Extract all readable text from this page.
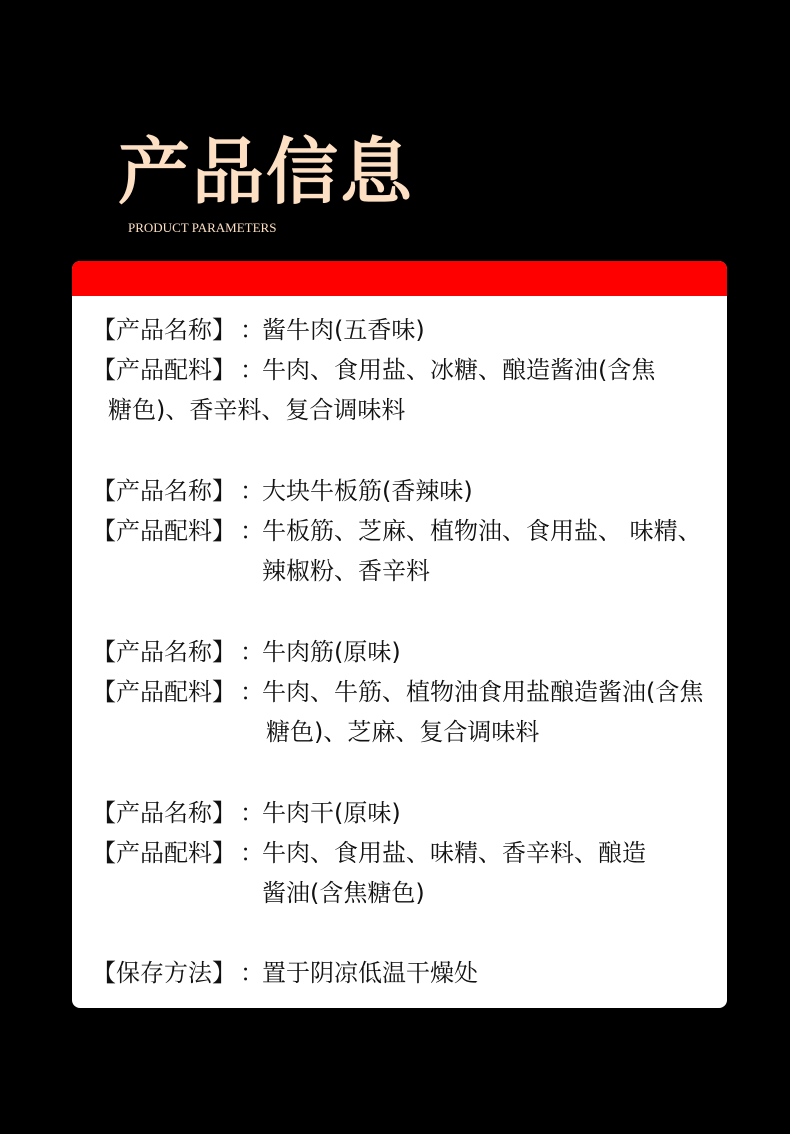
产品信息
PRODUCT PARAMETERS
【产品名称】 ：酱牛肉(五香味)
【产品配料】 ：牛肉、食用盐、冰糖、酿造酱油(含焦
糖色)、香辛料、复合调味料
【产品名称】 ：大块牛板筋(香辣味)
【产品配料】 ：牛板筋、芝麻、植物油、食用盐、 味精、
辣椒粉、香辛料
【产品名称】 ：牛肉筋(原味)
【产品配料】 ：牛肉、牛筋、植物油食用盐酿造酱油(含焦
糖色)、芝麻、复合调味料
【产品名称】 ：牛肉干(原味)
【产品配料】 ：牛肉、食用盐、味精、香辛料、酿造
酱油(含焦糖色)
【保存方法】 ：置于阴凉低温干燥处
